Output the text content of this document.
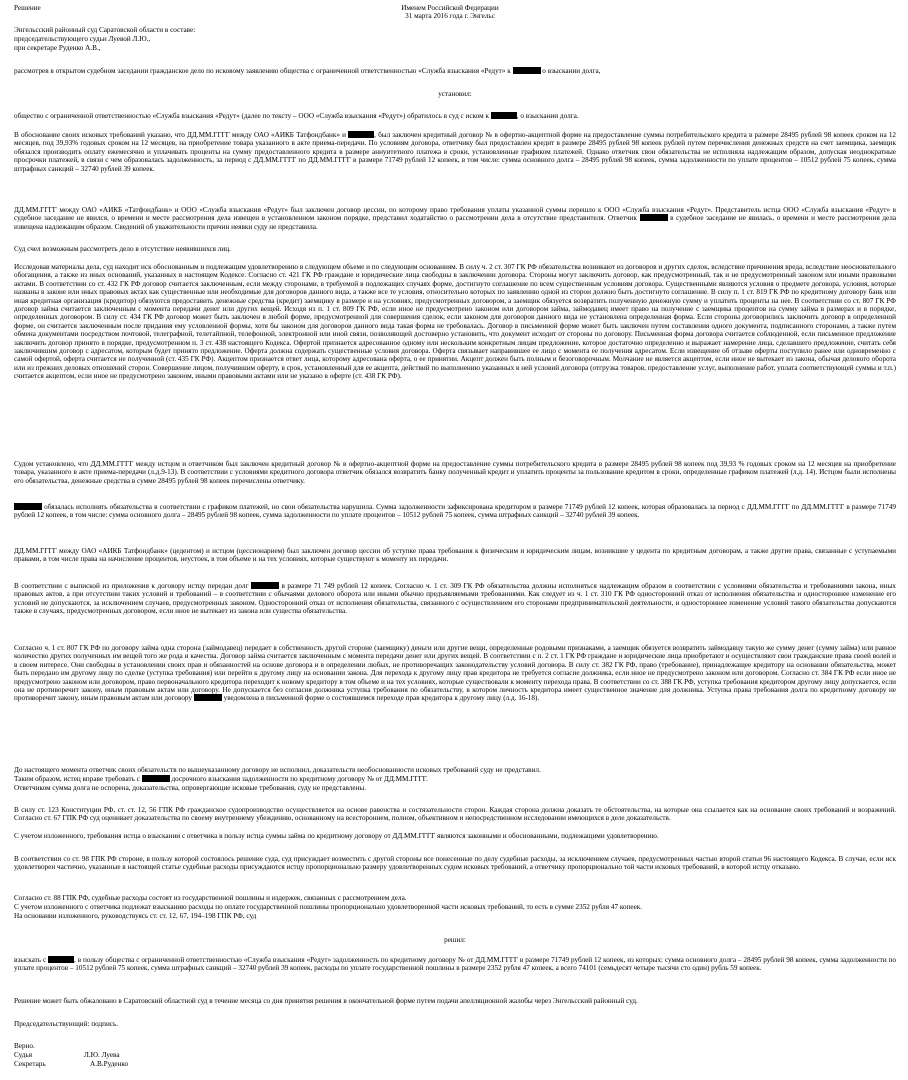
Решение	Именем Российской Федерации
31 марта 2016 года г. Энгельс
Энгельсский районный суд Саратовской области в составе:
председательствующего судьи Луевой Л.Ю.,
при секретаре Руденко А.В.,
рассмотрев в открытом судебном заседании гражданское дело по исковому заявлению общества с ограниченной ответственностью «Служба взыскания «Редут» к	о взыскании долга,
установил:
общество с ограниченной ответственностью «Служба взыскания «Редут» (далее по тексту – ООО «Служба взыскания «Редут») обратилось в суд с иском к	, о взыскании долга.
В обоснование своих исковых требований указано, что ДД.ММ.ГГГГ между ОАО «АИКБ Татфондбанк» и	, был заключен кредитный договор № в офертно-акцептной форме на предоставление суммы потребительского кредита в размере 28495 рублей 98 копеек сроком на 12 месяцев, под 39,93% годовых сроком на 12 месяцев, на приобретение товара указанного в акте приема-передачи. По условиям договора, ответчику был предоставлен кредит в размере 28495 рублей 98 копеек рублей путем перечисления денежных средств на счет заемщика, заемщик обязался производить оплату ежемесячно и уплачивать проценты на сумму предоставленного кредита в размере аннуитетного платежа в сроки, установленные графиком платежей. Однако ответчик свои обязательства не исполняла надлежащим образом, допуская неоднократные просрочки платежей, в связи с чем образовалась задолженность, за период с ДД.ММ.ГГГГ по ДД.ММ.ГГГГ в размере 71749 рублей 12 копеек, в том числе: сумма основного долга – 28495 рублей 98 копеек, сумма задолженности по уплате процентов – 10512 рублей 75 копеек, сумма штрафных санкций – 32740 рублей 39 копеек.
ДД.ММ.ГГГГ между ОАО «АИКБ «Татфондбанк» и ООО «Служба взыскания «Редут» был заключен договор цессии, по которому право требования уплаты указанной суммы перешло к ООО «Служба взыскания «Редут». Представитель истца ООО «Служба взыскания «Редут» в судебное заседание не явился, о времени и месте рассмотрения дела извещен в установленном законом порядке, представил ходатайство о рассмотрении дела в отсутствие представителя. Ответчик	в судебное заседание не явилась, о времени и месте рассмотрения дела извещена надлежащим образом. Сведений об уважительности причин неявки суду не представила.
Суд счел возможным рассмотреть дело в отсутствие неявившихся лиц.
Исследовав материалы дела, суд находит иск обоснованным и подлежащим удовлетворению в следующем объеме и по следующим основаниям. В силу ч. 2 ст. 307 ГК РФ обязательства возникают из договоров и других сделок, вследствие причинения вреда, вследствие неосновательного обогащения, а также из иных оснований, указанных в настоящем Кодексе. Согласно ст. 421 ГК РФ граждане и юридические лица свободны в заключении договора. Стороны могут заключить договор, как предусмотренный, так и не предусмотренный законом или иными правовыми актами. В соответствии со ст. 432 ГК РФ договор считается заключенным, если между сторонами, в требуемой в подлежащих случаях форме, достигнуто соглашение по всем существенным условиям договора. Существенными являются условия о предмете договора, условия, которые названы в законе или иных правовых актах как существенные или необходимые для договоров данного вида, а также все те условия, относительно которых по заявлению одной из сторон должно быть достигнуто соглашение. В силу п. 1 ст. 819 ГК РФ по кредитному договору банк или иная кредитная организация (кредитор) обязуются предоставить денежные средства (кредит) заемщику в размере и на условиях, предусмотренных договором, а заемщик обязуется возвратить полученную денежную сумму и уплатить проценты на нее. В соответствии со ст. 807 ГК РФ договор займа считается заключенным с момента передачи денег или других вещей. Исходя из п. 1 ст. 809 ГК РФ, если иное не предусмотрено законом или договором займа, займодавец имеет право на получение с заемщика процентов на сумму займа в размерах и в порядке, определенных договором. В силу ст. 434 ГК РФ договор может быть заключен в любой форме, предусмотренной для совершения сделок, если законом для договоров данного вида не установлена определенная форма. Если стороны договорились заключить договор в определенной форме, он считается заключенным после придания ему условленной формы, хотя бы законом для договоров данного вида такая форма не требовалась. Договор в письменной форме может быть заключен путем составления одного документа, подписанного сторонами, а также путем обмена документами посредством почтовой, телеграфной, телетайпной, телефонной, электронной или иной связи, позволяющей достоверно установить, что документ исходит от стороны по договору. Письменная форма договора считается соблюденной, если письменное предложение заключить договор принято в порядке, предусмотренном п. 3 ст. 438 настоящего Кодекса. Офертой признается адресованное одному или нескольким конкретным лицам предложение, которое достаточно определенно и выражает намерение лица, сделавшего предложение, считать себя заключившим договор с адресатом, которым будет принято предложение. Оферта должна содержать существенные условия договора. Оферта связывает направившее ее лицо с момента ее получения адресатом. Если извещение об отзыве оферты поступило ранее или одновременно с самой офертой, оферта считается не полученной (ст. 435 ГК РФ). Акцептом признается ответ лица, которому адресована оферта, о ее принятии. Акцепт должен быть полным и безоговорочным. Молчание не является акцептом, если иное не вытекает из закона, обычая делового оборота или из прежних деловых отношений сторон. Совершение лицом, получившим оферту, в срок, установленный для ее акцепта, действий по выполнению указанных в ней условий договора (отгрузка товаров, предоставление услуг, выполнение работ, уплата соответствующей суммы и т.п.) считается акцептом, если иное не предусмотрено законом, иными правовыми актами или не указано в оферте (ст. 438 ГК РФ).
Судом установлено, что ДД.ММ.ГГГГ между истцом и ответчиком был заключен кредитный договор № в офертно-акцептной форме на предоставление суммы потребительского кредита в размере 28495 рублей 98 копеек под 39,93 % годовых сроком на 12 месяцев на приобретение товара, указанного в акте приема-передачи (л.д.9-13). В соответствии с условиями кредитного договора ответчик обязался возвратить банку полученный кредит и уплатить проценты за пользование кредитом в сроки, определенные графиком платежей (л.д. 14). Истцом были исполнены его обязательства, денежные средства в сумме 28495 рублей 98 копеек перечислены ответчику.
обязалась исполнять обязательства в соответствии с графиком платежей, но свои обязательства нарушила. Сумма задолженности зафиксирована кредитором в размере 71749 рублей 12 копеек, которая образовалась за период с ДД.ММ.ГГГГ по ДД.ММ.ГГГГ в размере 71749 рублей 12 копеек, в том числе: сумма основного долга – 28495 рублей 98 копеек, сумма задолженности по уплате процентов – 10512 рублей 75 копеек, сумма штрафных санкций – 32740 рублей 39 копеек.
ДД.ММ.ГГГГ между ОАО «АИКБ Татфондбанк» (цедентом) и истцом (цессионарием) был заключен договор цессии об уступке права требования к физическим и юридическим лицам, возникшие у цедента по кредитным договорам, а также другие права, связанные с уступаемыми правами, в том числе права на начисление процентов, неустоек, в том объеме и на тех условиях, которые существуют к моменту их передачи.
В соответствии с выпиской из приложения к договору истцу передан долг	в размере 71 749 рублей 12 копеек. Согласно ч. 1 ст. 309 ГК РФ обязательства должны исполняться надлежащим образом в соответствии с условиями обязательства и требованиями закона, иных правовых актов, а при отсутствии таких условий и требований – в соответствии с обычаями делового оборота или иными обычно предъявляемыми требованиями. Как следует из ч. 1 ст. 310 ГК РФ односторонний отказ от исполнения обязательства и одностороннее изменение его условий не допускаются, за исключением случаев, предусмотренных законом. Односторонний отказ от исполнения обязательства, связанного с осуществлением его сторонами предпринимательской деятельности, и одностороннее изменение условий такого обязательства допускаются также в случаях, предусмотренных договором, если иное не вытекает из закона или существа обязательства.
Согласно ч. 1 ст. 807 ГК РФ по договору займа одна сторона (займодавец) передает в собственность другой стороне (заемщику) деньги или другие вещи, определенные родовыми признаками, а заемщик обязуется возвратить займодавцу такую же сумму денег (сумму займа) или равное количество других полученных им вещей того же рода и качества. Договор займа считается заключенным с момента передачи денег или других вещей. В соответствии с п. 2 ст. 1 ГК РФ граждане и юридические лица приобретают и осуществляют свои гражданские права своей волей и в своем интересе. Они свободны в установлении своих прав и обязанностей на основе договора и в определении любых, не противоречащих законодательству условий договора. В силу ст. 382 ГК РФ, право (требование), принадлежащее кредитору на основании обязательства, может быть передано им другому лицу по сделке (уступка требования) или перейти к другому лицу на основании закона. Для перехода к другому лицу прав кредитора не требуется согласие должника, если иное не предусмотрено законом или договором. Согласно ст. 384 ГК РФ если иное не предусмотрено законом или договором, право первоначального кредитора переходит к новому кредитору в том объеме и на тех условиях, которые существовали к моменту перехода права. В соответствии со ст. 388 ГК РФ, уступка требования кредитором другому лицу допускается, если она не противоречит закону, иным правовым актам или договору. Не допускается без согласия должника уступка требования по обязательству, в котором личность кредитора имеет существенное значение для должника. Уступка права требования долга по кредитному договору не противоречит закону, иным правовым актам или договору	уведомлена в письменной форме о состоявшемся переходе прав кредитора к другому лицу (л.д. 16-18).
До настоящего момента ответчик своих обязательств по вышеуказанному договору не исполнил, доказательств необоснованности исковых требований суду не представил.
Таким образом, истец вправе требовать с	досрочного взыскания задолженности по кредитному договору № от ДД.ММ.ГГГГ.
Ответчиком сумма долга не оспорена, доказательства, опровергающие исковые требования, суду не представлены.
В силу ст. 123 Конституции РФ, ст. ст. 12, 56 ГПК РФ гражданское судопроизводство осуществляется на основе равенства и состязательности сторон. Каждая сторона должна доказать те обстоятельства, на которые она ссылается как на основание своих требований и возражений. Согласно ст. 67 ГПК РФ суд оценивает доказательства по своему внутреннему убеждению, основанному на всестороннем, полном, объективном и непосредственном исследовании имеющихся в деле доказательств.
С учетом изложенного, требования истца о взыскании с ответчика в пользу истца суммы займа по кредитному договору от ДД.ММ.ГГГГ являются законными и обоснованными, подлежащими удовлетворению.
В соответствии со ст. 98 ГПК РФ стороне, в пользу которой состоялось решение суда, суд присуждает возместить с другой стороны все понесенные по делу судебные расходы, за исключением случаев, предусмотренных частью второй статьи 96 настоящего Кодекса. В случае, если иск удовлетворен частично, указанные в настоящей статье судебные расходы присуждаются истцу пропорционально размеру удовлетворенных судом исковых требований, а ответчику пропорционально той части исковых требований, в которой истцу отказано.
Согласно ст. 88 ГПК РФ, судебные расходы состоят из государственной пошлины и издержек, связанных с рассмотрением дела.
С учетом изложенного с ответчика подлежат взысканию расходы по оплате государственной пошлины пропорционально удовлетворенной части исковых требований, то есть в сумме 2352 рубля 47 копеек.
На основании изложенного, руководствуясь ст. ст. 12, 67, 194–198 ГПК РФ, суд
решил:
взыскать с	, в пользу общества с ограниченной ответственностью «Служба взыскания «Редут» задолженность по кредитному договору № от ДД.ММ.ГГГГ в размере 71749 рублей 12 копеек, из которых: сумма основного долга – 28495 рублей 98 копеек, сумма задолженности по уплате процентов – 10512 рублей 75 копеек, сумма штрафных санкций – 32740 рублей 39 копеек, расходы по уплате государственной пошлины в размере 2352 рубля 47 копеек, а всего 74101 (семьдесят четыре тысячи сто один) рубль 59 копеек.
Решение может быть обжаловано в Саратовский областной суд в течение месяца со дня принятия решения в окончательной форме путем подачи апелляционной жалобы через Энгельсский районный суд.
Председательствующий: подпись.
Верно.
Судья	Л.Ю. Луева
Секретарь	А.В.Руденко
